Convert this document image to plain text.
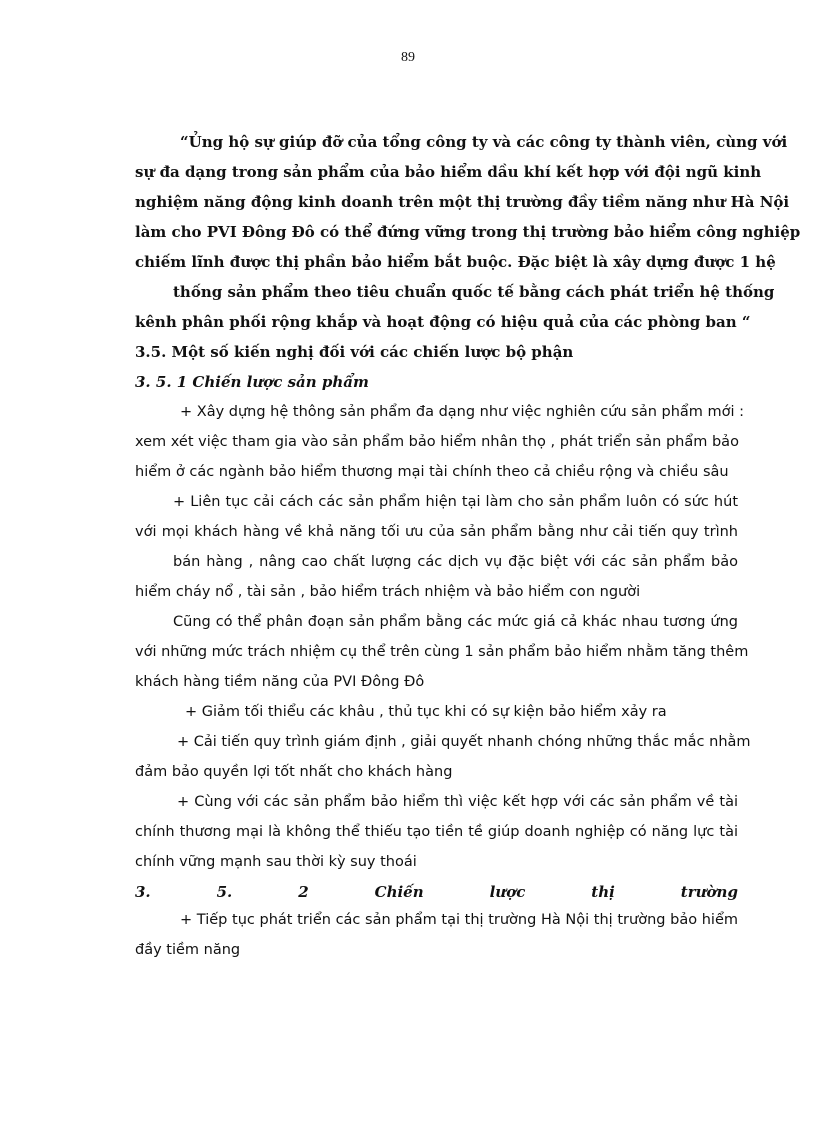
89
“Ủng hộ sự giúp đỡ của tổng công ty và các công ty thành viên, cùng với
sự đa dạng trong sản phẩm của bảo hiểm dầu khí kết hợp với đội ngũ kinh
nghiệm năng động kinh doanh trên một thị trường đầy tiềm năng như Hà Nội
làm cho PVI Đông Đô có thể đứng vững trong thị trường bảo hiểm công nghiệp
chiếm lĩnh được thị phần bảo hiểm bắt buộc. Đặc biệt là xây dựng được 1 hệ
thống sản phẩm theo tiêu chuẩn quốc tế bằng cách phát triển hệ thống
kênh phân phối rộng khắp và hoạt động có hiệu quả của các phòng ban “
3.5. Một số kiến nghị đối với các chiến lược bộ phận
3. 5. 1 Chiến lược sản phẩm
+ Xây dựng hệ thông sản phẩm đa dạng như việc nghiên cứu sản phẩm mới :
xem xét việc tham gia vào sản phẩm bảo hiểm nhân thọ , phát triển sản phẩm bảo
hiểm ở các ngành bảo hiểm thương mại tài chính theo cả chiều rộng và chiều sâu
+ Liên tục cải cách các sản phẩm hiện tại làm cho sản phẩm luôn có sức hút
với mọi khách hàng về khả năng tối ưu của sản phẩm bằng như cải tiến quy trình
bán hàng , nâng cao chất lượng các dịch vụ đặc biệt với các sản phẩm bảo
hiểm cháy nổ , tài sản , bảo hiểm trách nhiệm và bảo hiểm con người
Cũng có thể phân đoạn sản phẩm bằng các mức giá cả khác nhau tương ứng
với những mức trách nhiệm cụ thể trên cùng 1 sản phẩm bảo hiểm nhằm tăng thêm
khách hàng tiềm năng của PVI Đông Đô
+ Giảm tối thiểu các khâu , thủ tục khi có sự kiện bảo hiểm xảy ra
+ Cải tiến quy trình giám định , giải quyết nhanh chóng những thắc mắc nhằm
đảm bảo quyền lợi tốt nhất cho khách hàng
+ Cùng với các sản phẩm bảo hiểm thì việc kết hợp với các sản phẩm về tài
chính thương mại là không thể thiếu tạo tiền tề giúp doanh nghiệp có năng lực tài
chính vững mạnh sau thời kỳ suy thoái
3.	5.	2	Chiến	lược	thị	trường
+ Tiếp tục phát triển các sản phẩm tại thị trường Hà Nội thị trường bảo hiểm
đầy tiềm năng
